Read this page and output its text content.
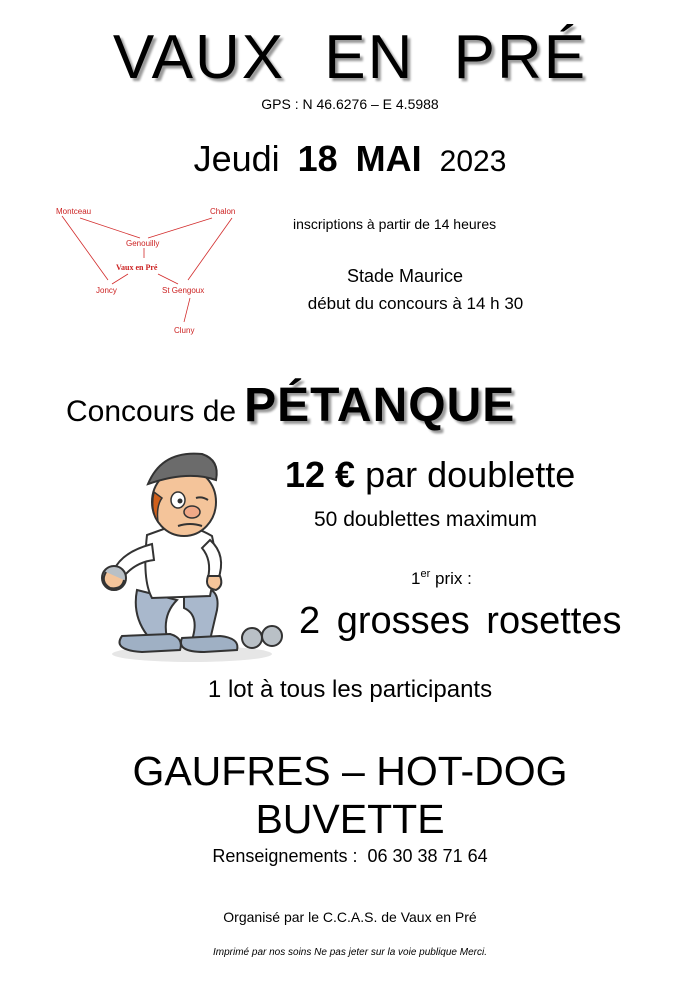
VAUX EN PRÉ
GPS : N 46.6276 – E 4.5988
Jeudi 18 MAI 2023
Montceau	Chalon
Genouilly
Vaux en Pré
Joncy	St Gengoux
Cluny
inscriptions à partir de 14 heures
Stade Maurice
début du concours à 14 h 30
Concours de PÉTANQUE
12 € par doublette
50 doublettes maximum
1er prix :
2 grosses rosettes
1 lot à tous les participants
GAUFRES – HOT-DOG
BUVETTE
Renseignements : 06 30 38 71 64
Organisé par le C.C.A.S. de Vaux en Pré
Imprimé par nos soins Ne pas jeter sur la voie publique Merci.
